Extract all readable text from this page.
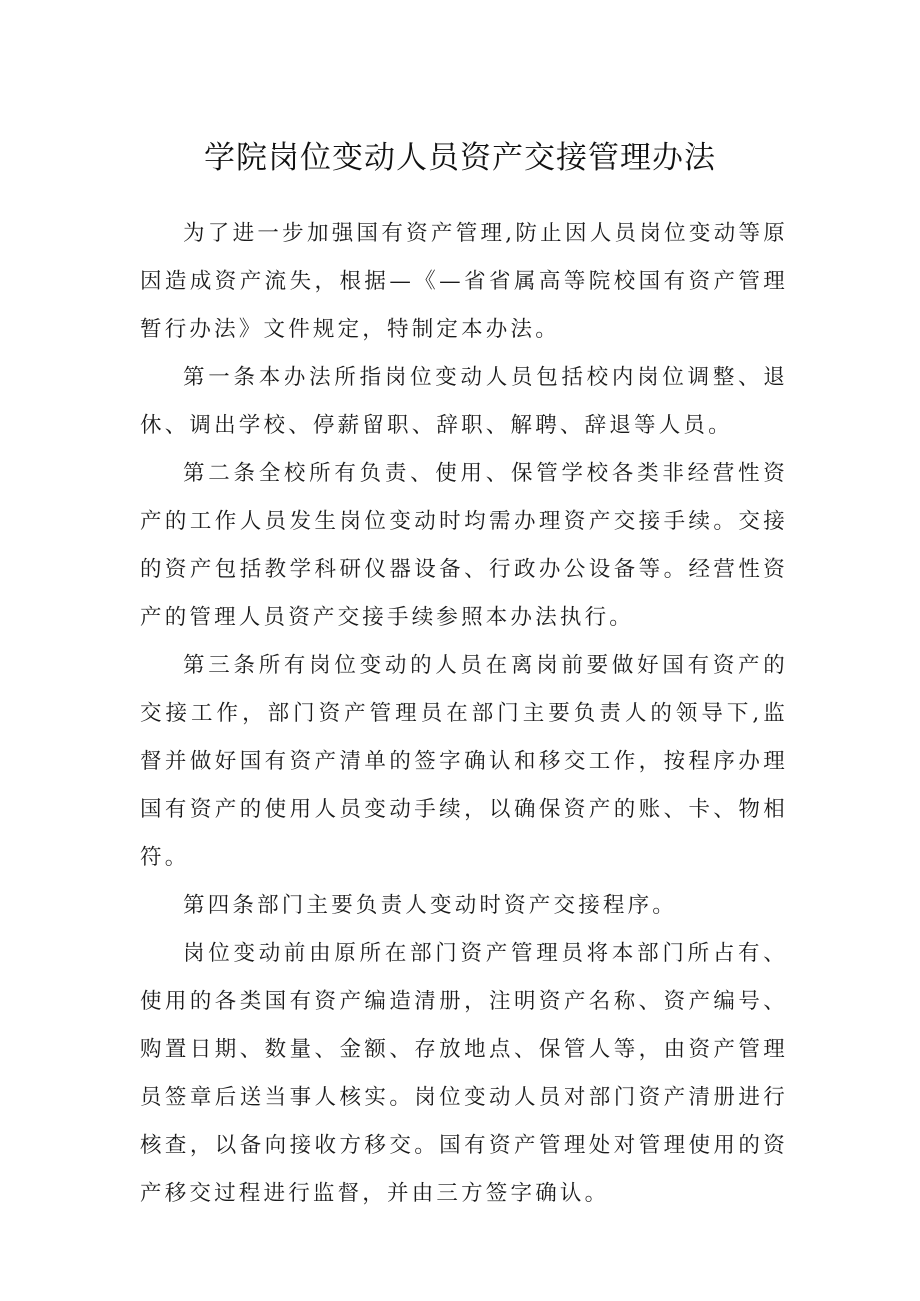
学院岗位变动人员资产交接管理办法

为了进一步加强国有资产管理,防止因人员岗位变动等原因造成资产流失，根据—《—省省属高等院校国有资产管理暂行办法》文件规定，特制定本办法。

第一条本办法所指岗位变动人员包括校内岗位调整、退休、调出学校、停薪留职、辞职、解聘、辞退等人员。

第二条全校所有负责、使用、保管学校各类非经营性资产的工作人员发生岗位变动时均需办理资产交接手续。交接的资产包括教学科研仪器设备、行政办公设备等。经营性资产的管理人员资产交接手续参照本办法执行。

第三条所有岗位变动的人员在离岗前要做好国有资产的交接工作，部门资产管理员在部门主要负责人的领导下,监督并做好国有资产清单的签字确认和移交工作，按程序办理国有资产的使用人员变动手续，以确保资产的账、卡、物相符。

第四条部门主要负责人变动时资产交接程序。

岗位变动前由原所在部门资产管理员将本部门所占有、使用的各类国有资产编造清册，注明资产名称、资产编号、购置日期、数量、金额、存放地点、保管人等，由资产管理员签章后送当事人核实。岗位变动人员对部门资产清册进行核查，以备向接收方移交。国有资产管理处对管理使用的资产移交过程进行监督，并由三方签字确认。
